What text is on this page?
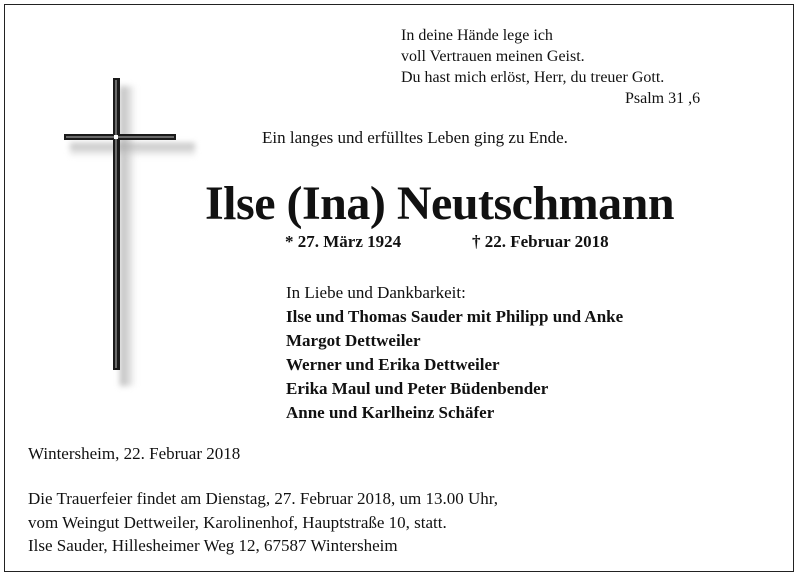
In deine Hände lege ich
voll Vertrauen meinen Geist.
Du hast mich erlöst, Herr, du treuer Gott.
Psalm 31 ,6
Ein langes und erfülltes Leben ging zu Ende.
Ilse (Ina) Neutschmann
* 27. März 1924	† 22. Februar 2018
In Liebe und Dankbarkeit:
Ilse und Thomas Sauder mit Philipp und Anke
Margot Dettweiler
Werner und Erika Dettweiler
Erika Maul und Peter Büdenbender
Anne und Karlheinz Schäfer
Wintersheim, 22. Februar 2018
Die Trauerfeier findet am Dienstag, 27. Februar 2018, um 13.00 Uhr,
vom Weingut Dettweiler, Karolinenhof, Hauptstraße 10, statt.
Ilse Sauder, Hillesheimer Weg 12, 67587 Wintersheim
